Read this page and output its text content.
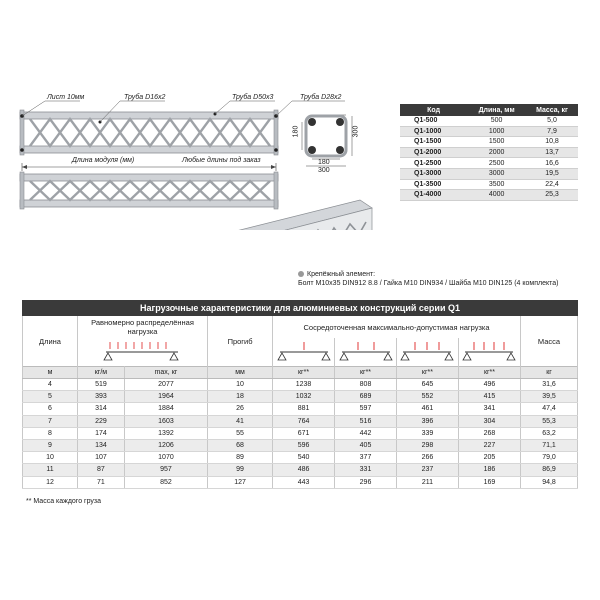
Лист 10мм	Труба D16x2	Труба D50x3	Труба D28x2
Длина модуля (мм)	Любые длины под заказ
180
180
300
300
Код	Длина, мм	Масса, кг
Q1-500	500	5,0
Q1-1000	1000	7,9
Q1-1500	1500	10,8
Q1-2000	2000	13,7
Q1-2500	2500	16,6
Q1-3000	3000	19,5
Q1-3500	3500	22,4
Q1-4000	4000	25,3
Крепёжный элемент:
Болт М10х35 DIN912 8.8 / Гайка М10 DIN934 / Шайба М10 DIN125 (4 комплекта)
Нагрузочные характеристики для алюминиевых конструкций серии Q1
Длина	Равномерно распределённая нагрузка		Прогиб	Сосредоточенная максимально-допустимая нагрузка				Масса

м	кг/м	max, кг	мм	кг**	кг**	кг**	кг**	кг
4	519	2077	10	1238	808	645	496	31,6
5	393	1964	18	1032	689	552	415	39,5
6	314	1884	26	881	597	461	341	47,4
7	229	1603	41	764	516	396	304	55,3
8	174	1392	55	671	442	339	268	63,2
9	134	1206	68	596	405	298	227	71,1
10	107	1070	89	540	377	266	205	79,0
11	87	957	99	486	331	237	186	86,9
12	71	852	127	443	296	211	169	94,8
** Масса каждого груза
